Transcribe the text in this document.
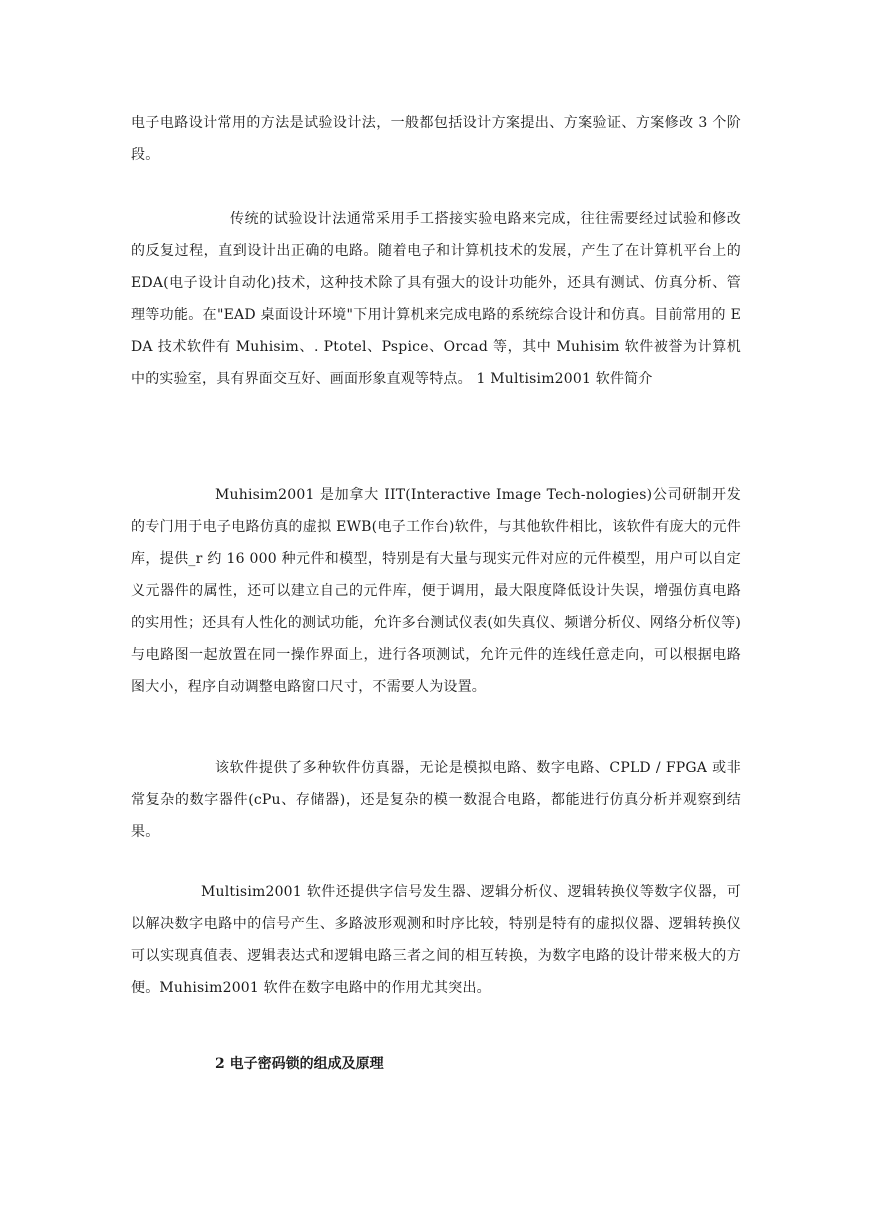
电子电路设计常用的方法是试验设计法，一般都包括设计方案提出、方案验证、方案修改 3 个阶段。

传统的试验设计法通常采用手工搭接实验电路来完成，往往需要经过试验和修改的反复过程，直到设计出正确的电路。随着电子和计算机技术的发展，产生了在计算机平台上的 EDA(电子设计自动化)技术，这种技术除了具有强大的设计功能外，还具有测试、仿真分析、管理等功能。在"EAD 桌面设计环境"下用计算机来完成电路的系统综合设计和仿真。目前常用的 EDA 技术软件有 Muhisim、. Ptotel、Pspice、Orcad 等，其中 Muhisim 软件被誉为计算机中的实验室，具有界面交互好、画面形象直观等特点。 1 Multisim2001 软件简介

Muhisim2001 是加拿大 IIT(Interactive Image Tech-nologies)公司研制开发的专门用于电子电路仿真的虚拟 EWB(电子工作台)软件，与其他软件相比，该软件有庞大的元件库，提供_r 约 16 000 种元件和模型，特别是有大量与现实元件对应的元件模型，用户可以自定义元器件的属性，还可以建立自己的元件库，便于调用，最大限度降低设计失误，增强仿真电路的实用性；还具有人性化的测试功能，允许多台测试仪表(如失真仪、频谱分析仪、网络分析仪等)与电路图一起放置在同一操作界面上，进行各项测试，允许元件的连线任意走向，可以根据电路图大小，程序自动调整电路窗口尺寸，不需要人为设置。

该软件提供了多种软件仿真器，无论是模拟电路、数字电路、CPLD / FPGA 或非常复杂的数字器件(cPu、存储器)，还是复杂的模一数混合电路，都能进行仿真分析并观察到结果。

Multisim2001 软件还提供字信号发生器、逻辑分析仪、逻辑转换仪等数字仪器，可以解决数字电路中的信号产生、多路波形观测和时序比较，特别是特有的虚拟仪器、逻辑转换仪可以实现真值表、逻辑表达式和逻辑电路三者之间的相互转换，为数字电路的设计带来极大的方便。Muhisim2001 软件在数字电路中的作用尤其突出。

2 电子密码锁的组成及原理
